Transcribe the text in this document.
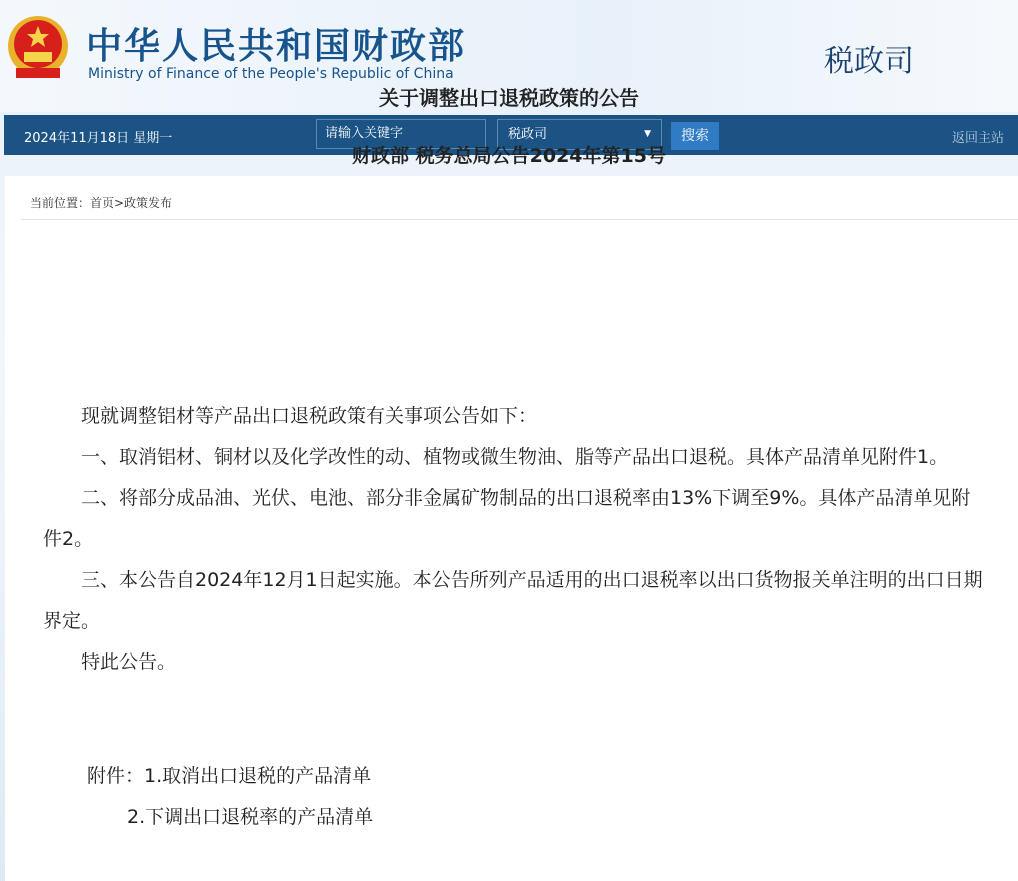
中华人民共和国财政部
Ministry of Finance of the People's Republic of China	税政司
2024年11月18日 星期一	请输入关键字	税政司	▼	搜索	返回主站
当前位置：首页>政策发布
关于调整出口退税政策的公告
财政部 税务总局公告2024年第15号

现就调整铝材等产品出口退税政策有关事项公告如下：

一、取消铝材、铜材以及化学改性的动、植物或微生物油、脂等产品出口退税。具体产品清单见附件1。

二、将部分成品油、光伏、电池、部分非金属矿物制品的出口退税率由13%下调至9%。具体产品清单见附件2。

三、本公告自2024年12月1日起实施。本公告所列产品适用的出口退税率以出口货物报关单注明的出口日期界定。

特此公告。

附件：1.取消出口退税的产品清单
2.下调出口退税率的产品清单
